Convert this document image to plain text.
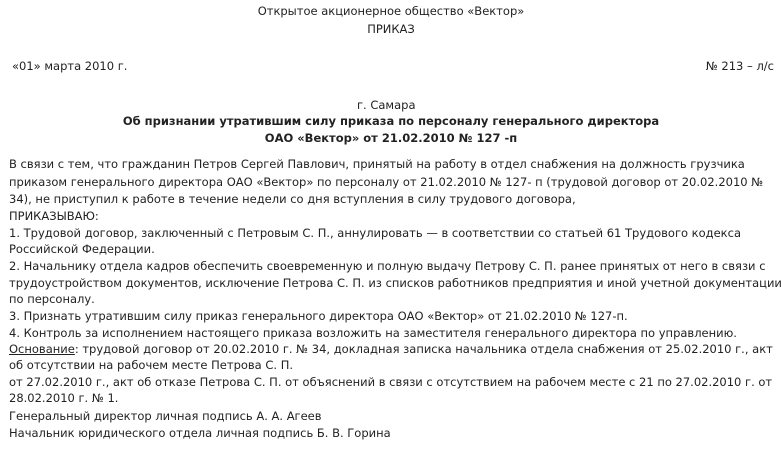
Открытое акционерное общество «Вектор»
ПРИКАЗ
«01» марта 2010 г.	№ 213 – л/с
г. Самара
Об признании утратившим силу приказа по персоналу генерального директора
ОАО «Вектор» от 21.02.2010 № 127 -п
В связи с тем, что гражданин Петров Сергей Павлович, принятый на работу в отдел снабжения на должность грузчика
приказом генерального директора ОАО «Вектор» по персоналу от 21.02.2010 № 127- п (трудовой договор от 20.02.2010 №
34), не приступил к работе в течение недели со дня вступления в силу трудового договора,
ПРИКАЗЫВАЮ:
1. Трудовой договор, заключенный с Петровым С. П., аннулировать — в соответствии со статьей 61 Трудового кодекса
Российской Федерации.
2. Начальнику отдела кадров обеспечить своевременную и полную выдачу Петрову С. П. ранее принятых от него в связи с
трудоустройством документов, исключение Петрова С. П. из списков работников предприятия и иной учетной документации
по персоналу.
3. Признать утратившим силу приказ генерального директора ОАО «Вектор» от 21.02.2010 № 127-п.
4. Контроль за исполнением настоящего приказа возложить на заместителя генерального директора по управлению.
Основание: трудовой договор от 20.02.2010 г. № 34, докладная записка начальника отдела снабжения от 25.02.2010 г., акт
об отсутствии на рабочем месте Петрова С. П.
от 27.02.2010 г., акт об отказе Петрова С. П. от объяснений в связи с отсутствием на рабочем месте с 21 по 27.02.2010 г. от
28.02.2010 г. № 1.
Генеральный директор личная подпись А. А. Агеев
Начальник юридического отдела личная подпись Б. В. Горина
